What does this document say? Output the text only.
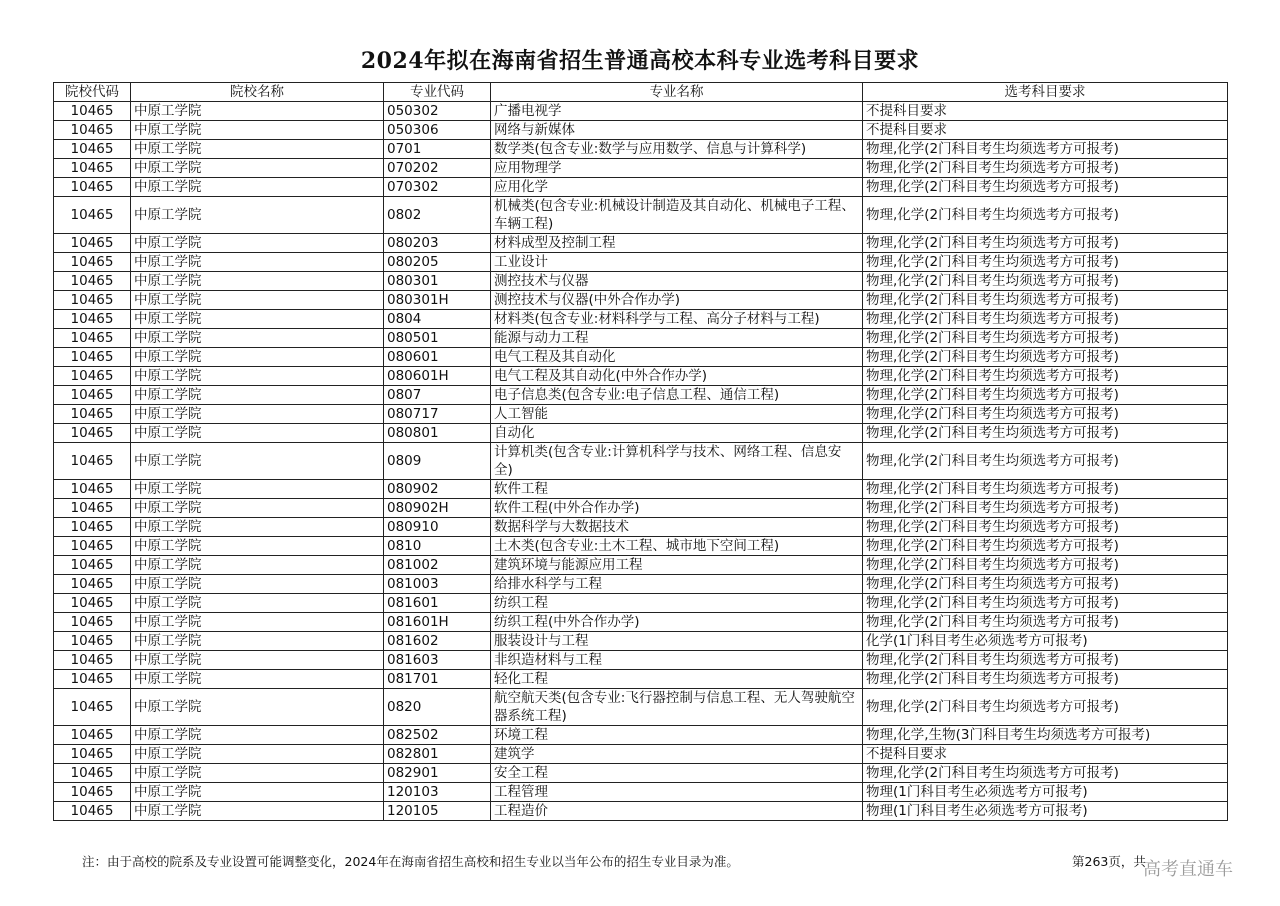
2024年拟在海南省招生普通高校本科专业选考科目要求
院校代码	院校名称	专业代码	专业名称	选考科目要求
10465	中原工学院	050302	广播电视学	不提科目要求
10465	中原工学院	050306	网络与新媒体	不提科目要求
10465	中原工学院	0701	数学类(包含专业:数学与应用数学、信息与计算科学)	物理,化学(2门科目考生均须选考方可报考)
10465	中原工学院	070202	应用物理学	物理,化学(2门科目考生均须选考方可报考)
10465	中原工学院	070302	应用化学	物理,化学(2门科目考生均须选考方可报考)
10465	中原工学院	0802	机械类(包含专业:机械设计制造及其自动化、机械电子工程、车辆工程)	物理,化学(2门科目考生均须选考方可报考)
10465	中原工学院	080203	材料成型及控制工程	物理,化学(2门科目考生均须选考方可报考)
10465	中原工学院	080205	工业设计	物理,化学(2门科目考生均须选考方可报考)
10465	中原工学院	080301	测控技术与仪器	物理,化学(2门科目考生均须选考方可报考)
10465	中原工学院	080301H	测控技术与仪器(中外合作办学)	物理,化学(2门科目考生均须选考方可报考)
10465	中原工学院	0804	材料类(包含专业:材料科学与工程、高分子材料与工程)	物理,化学(2门科目考生均须选考方可报考)
10465	中原工学院	080501	能源与动力工程	物理,化学(2门科目考生均须选考方可报考)
10465	中原工学院	080601	电气工程及其自动化	物理,化学(2门科目考生均须选考方可报考)
10465	中原工学院	080601H	电气工程及其自动化(中外合作办学)	物理,化学(2门科目考生均须选考方可报考)
10465	中原工学院	0807	电子信息类(包含专业:电子信息工程、通信工程)	物理,化学(2门科目考生均须选考方可报考)
10465	中原工学院	080717	人工智能	物理,化学(2门科目考生均须选考方可报考)
10465	中原工学院	080801	自动化	物理,化学(2门科目考生均须选考方可报考)
10465	中原工学院	0809	计算机类(包含专业:计算机科学与技术、网络工程、信息安全)	物理,化学(2门科目考生均须选考方可报考)
10465	中原工学院	080902	软件工程	物理,化学(2门科目考生均须选考方可报考)
10465	中原工学院	080902H	软件工程(中外合作办学)	物理,化学(2门科目考生均须选考方可报考)
10465	中原工学院	080910	数据科学与大数据技术	物理,化学(2门科目考生均须选考方可报考)
10465	中原工学院	0810	土木类(包含专业:土木工程、城市地下空间工程)	物理,化学(2门科目考生均须选考方可报考)
10465	中原工学院	081002	建筑环境与能源应用工程	物理,化学(2门科目考生均须选考方可报考)
10465	中原工学院	081003	给排水科学与工程	物理,化学(2门科目考生均须选考方可报考)
10465	中原工学院	081601	纺织工程	物理,化学(2门科目考生均须选考方可报考)
10465	中原工学院	081601H	纺织工程(中外合作办学)	物理,化学(2门科目考生均须选考方可报考)
10465	中原工学院	081602	服装设计与工程	化学(1门科目考生必须选考方可报考)
10465	中原工学院	081603	非织造材料与工程	物理,化学(2门科目考生均须选考方可报考)
10465	中原工学院	081701	轻化工程	物理,化学(2门科目考生均须选考方可报考)
10465	中原工学院	0820	航空航天类(包含专业:飞行器控制与信息工程、无人驾驶航空器系统工程)	物理,化学(2门科目考生均须选考方可报考)
10465	中原工学院	082502	环境工程	物理,化学,生物(3门科目考生均须选考方可报考)
10465	中原工学院	082801	建筑学	不提科目要求
10465	中原工学院	082901	安全工程	物理,化学(2门科目考生均须选考方可报考)
10465	中原工学院	120103	工程管理	物理(1门科目考生必须选考方可报考)
10465	中原工学院	120105	工程造价	物理(1门科目考生必须选考方可报考)
注：由于高校的院系及专业设置可能调整变化，2024年在海南省招生高校和招生专业以当年公布的招生专业目录为准。	第263页，共
高考直通车
